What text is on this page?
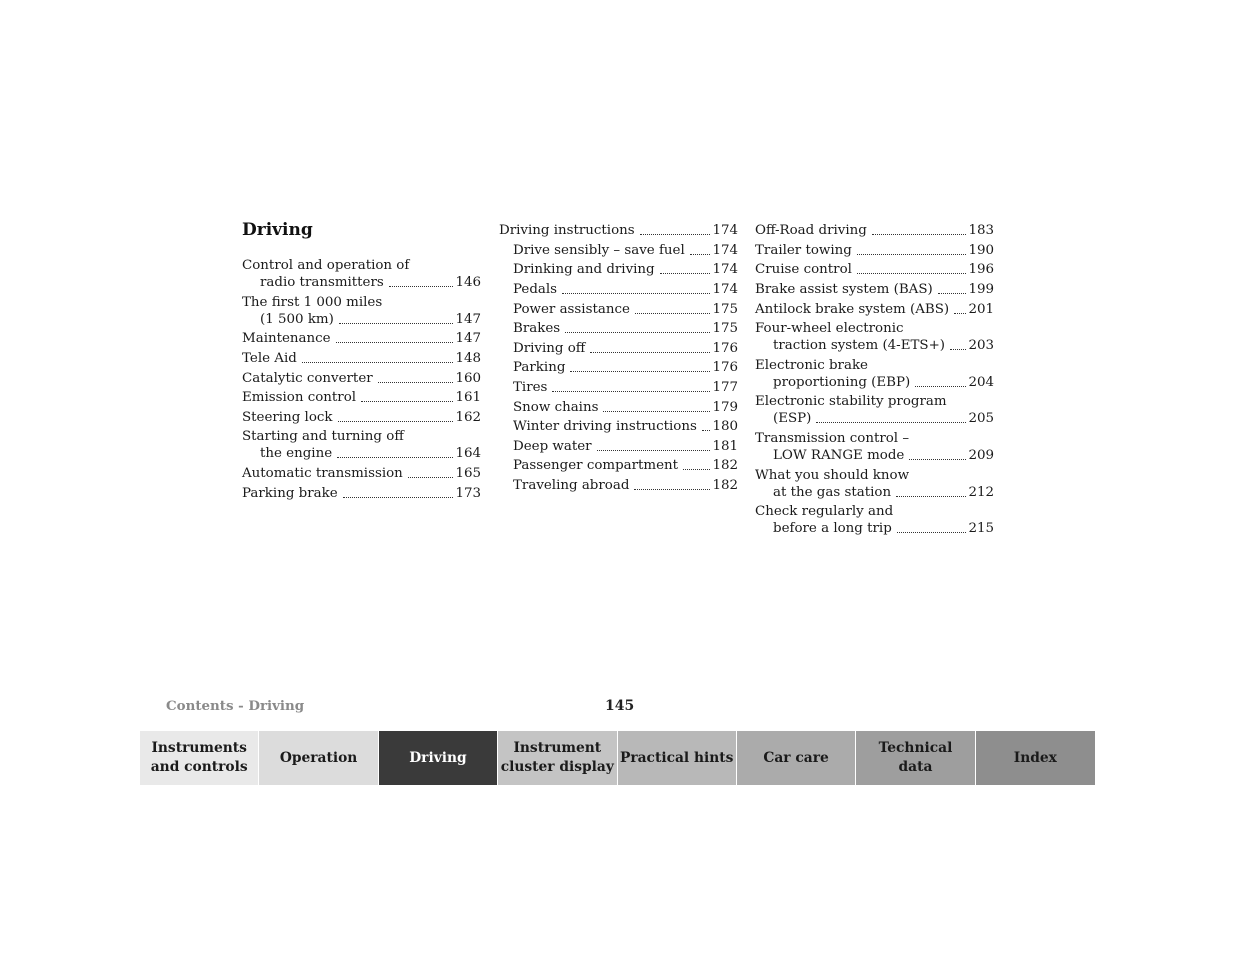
Driving
Control and operation of
radio transmitters	146
The first 1 000 miles
(1 500 km)	147
Maintenance	147
Tele Aid	148
Catalytic converter	160
Emission control	161
Steering lock	162
Starting and turning off
the engine	164
Automatic transmission	165
Parking brake	173
Driving instructions	174
Drive sensibly – save fuel 174
Drinking and driving	174
Pedals	174
Power assistance	175
Brakes	175
Driving off	176
Parking	176
Tires	177
Snow chains	179
Winter driving instructions 180
Deep water	181
Passenger compartment	182
Traveling abroad	182
Off-Road driving	183
Trailer towing	190
Cruise control	196
Brake assist system (BAS)	199
Antilock brake system (ABS) 201
Four-wheel electronic
traction system (4-ETS+) 203
Electronic brake
proportioning (EBP)	204
Electronic stability program
(ESP)	205
Transmission control –
LOW RANGE mode	209
What you should know
at the gas station	212
Check regularly and
before a long trip	215
Contents - Driving	145
Instruments
and controls
Operation	Driving
Instrument
cluster display
Practical hints Car care
Technical
data
Index
